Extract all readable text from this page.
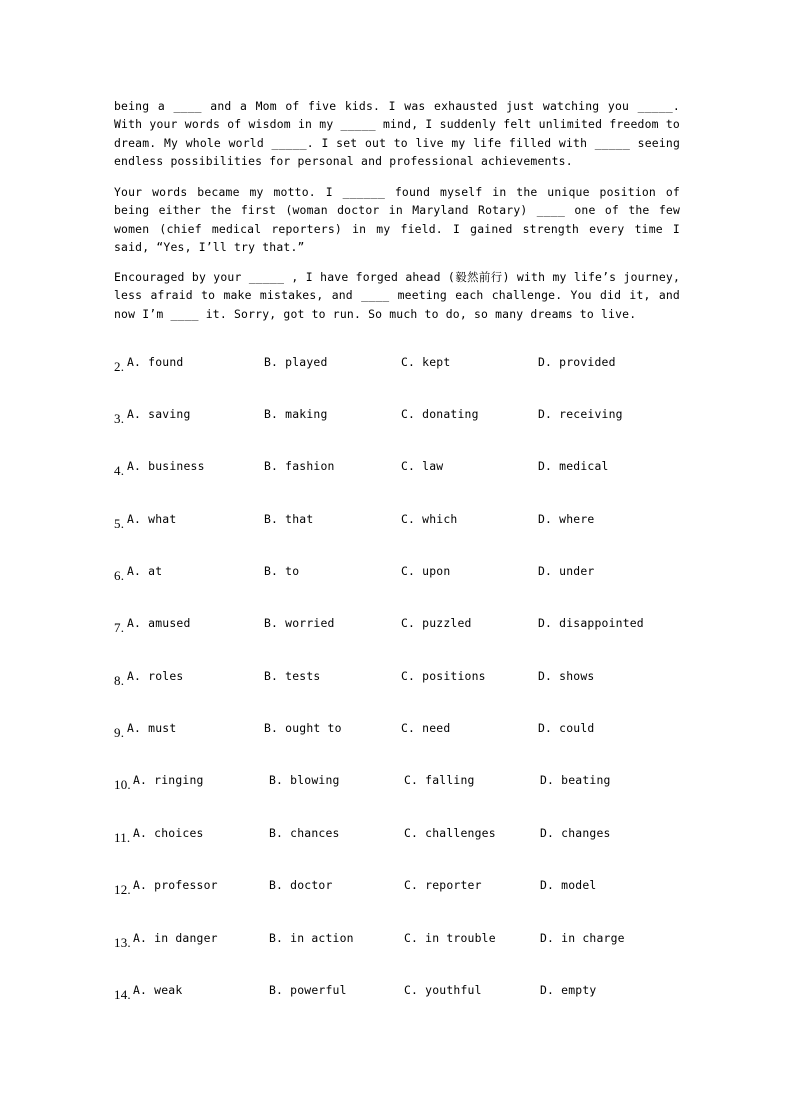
being a ____ and a Mom of five kids. I was exhausted just watching you _____. With your words of wisdom in my _____ mind, I suddenly felt unlimited freedom to dream. My whole world _____. I set out to live my life filled with _____ seeing endless possibilities for personal and professional achievements.

Your words became my motto. I ______ found myself in the unique position of being either the first (woman doctor in Maryland Rotary) ____ one of the few women (chief medical reporters) in my field. I gained strength every time I said, “Yes, I’ll try that.”

Encouraged by your _____ , I have forged ahead (毅然前行) with my life’s journey, less afraid to make mistakes, and ____ meeting each challenge. You did it, and now I’m ____ it. Sorry, got to run. So much to do, so many dreams to live.

2. A. found	B. played	C. kept	D. provided
3. A. saving	B. making	C. donating	D. receiving
4. A. business	B. fashion	C. law	D. medical
5. A. what	B. that	C. which	D. where
6. A. at	B. to	C. upon	D. under
7. A. amused	B. worried	C. puzzled	D. disappointed
8. A. roles	B. tests	C. positions	D. shows
9. A. must	B. ought to	C. need	D. could
10. A. ringing	B. blowing	C. falling	D. beating
11. A. choices	B. chances	C. challenges	D. changes
12. A. professor	B. doctor	C. reporter	D. model
13. A. in danger	B. in action	C. in trouble	D. in charge
14. A. weak	B. powerful	C. youthful	D. empty
